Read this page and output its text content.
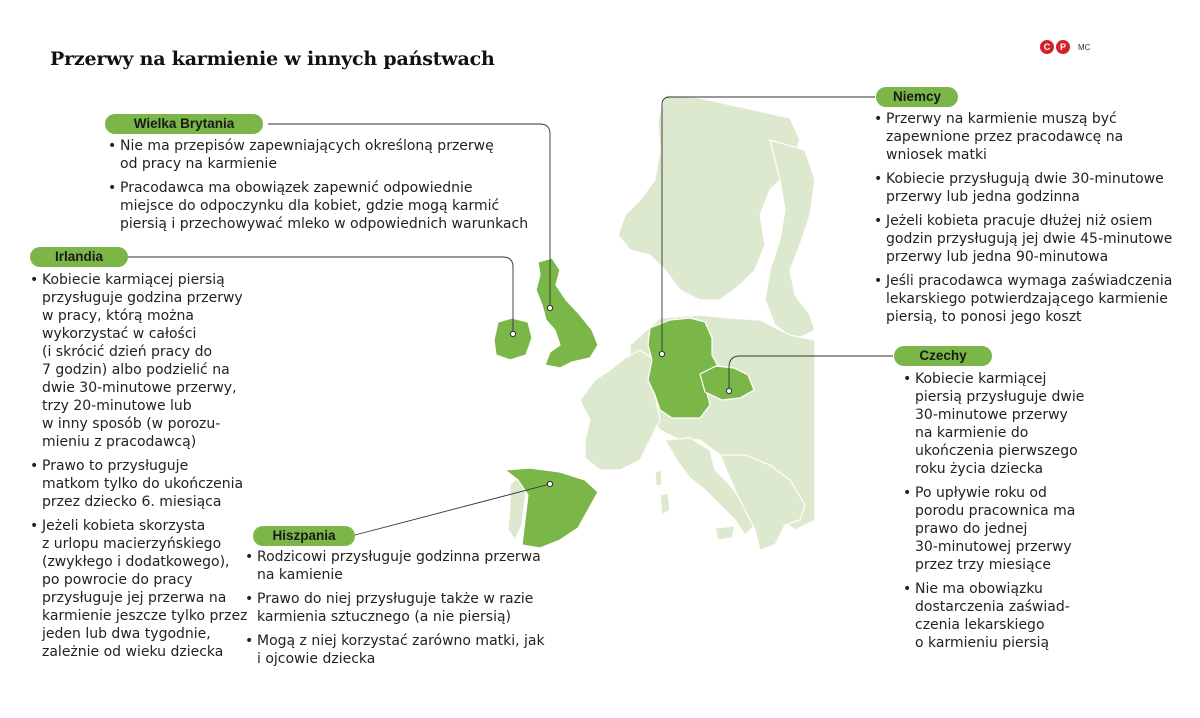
Przerwy na karmienie w innych państwach
C	P	MC
Wielka Brytania
• Nie ma przepisów zapewniających określoną przerwę
od pracy na karmienie
• Pracodawca ma obowiązek zapewnić odpowiednie
miejsce do odpoczynku dla kobiet, gdzie mogą karmić
piersią i przechowywać mleko w odpowiednich warunkach
Irlandia
• Kobiecie karmiącej piersią
przysługuje godzina przerwy
w pracy, którą można
wykorzystać w całości
(i skrócić dzień pracy do
7 godzin) albo podzielić na
dwie 30-minutowe przerwy,
trzy 20-minutowe lub
w inny sposób (w porozu-
mieniu z pracodawcą)
• Prawo to przysługuje
matkom tylko do ukończenia
przez dziecko 6. miesiąca
• Jeżeli kobieta skorzysta
z urlopu macierzyńskiego
(zwykłego i dodatkowego),
po powrocie do pracy
przysługuje jej przerwa na
karmienie jeszcze tylko przez
jeden lub dwa tygodnie,
zależnie od wieku dziecka
Hiszpania
• Rodzicowi przysługuje godzinna przerwa
na kamienie
• Prawo do niej przysługuje także w razie
karmienia sztucznego (a nie piersią)
• Mogą z niej korzystać zarówno matki, jak
i ojcowie dziecka
Niemcy
• Przerwy na karmienie muszą być
zapewnione przez pracodawcę na
wniosek matki
• Kobiecie przysługują dwie 30-minutowe
przerwy lub jedna godzinna
• Jeżeli kobieta pracuje dłużej niż osiem
godzin przysługują jej dwie 45-minutowe
przerwy lub jedna 90-minutowa
• Jeśli pracodawca wymaga zaświadczenia
lekarskiego potwierdzającego karmienie
piersią, to ponosi jego koszt
Czechy
• Kobiecie karmiącej
piersią przysługuje dwie
30-minutowe przerwy
na karmienie do
ukończenia pierwszego
roku życia dziecka
• Po upływie roku od
porodu pracownica ma
prawo do jednej
30-minutowej przerwy
przez trzy miesiące
• Nie ma obowiązku
dostarczenia zaświad-
czenia lekarskiego
o karmieniu piersią
